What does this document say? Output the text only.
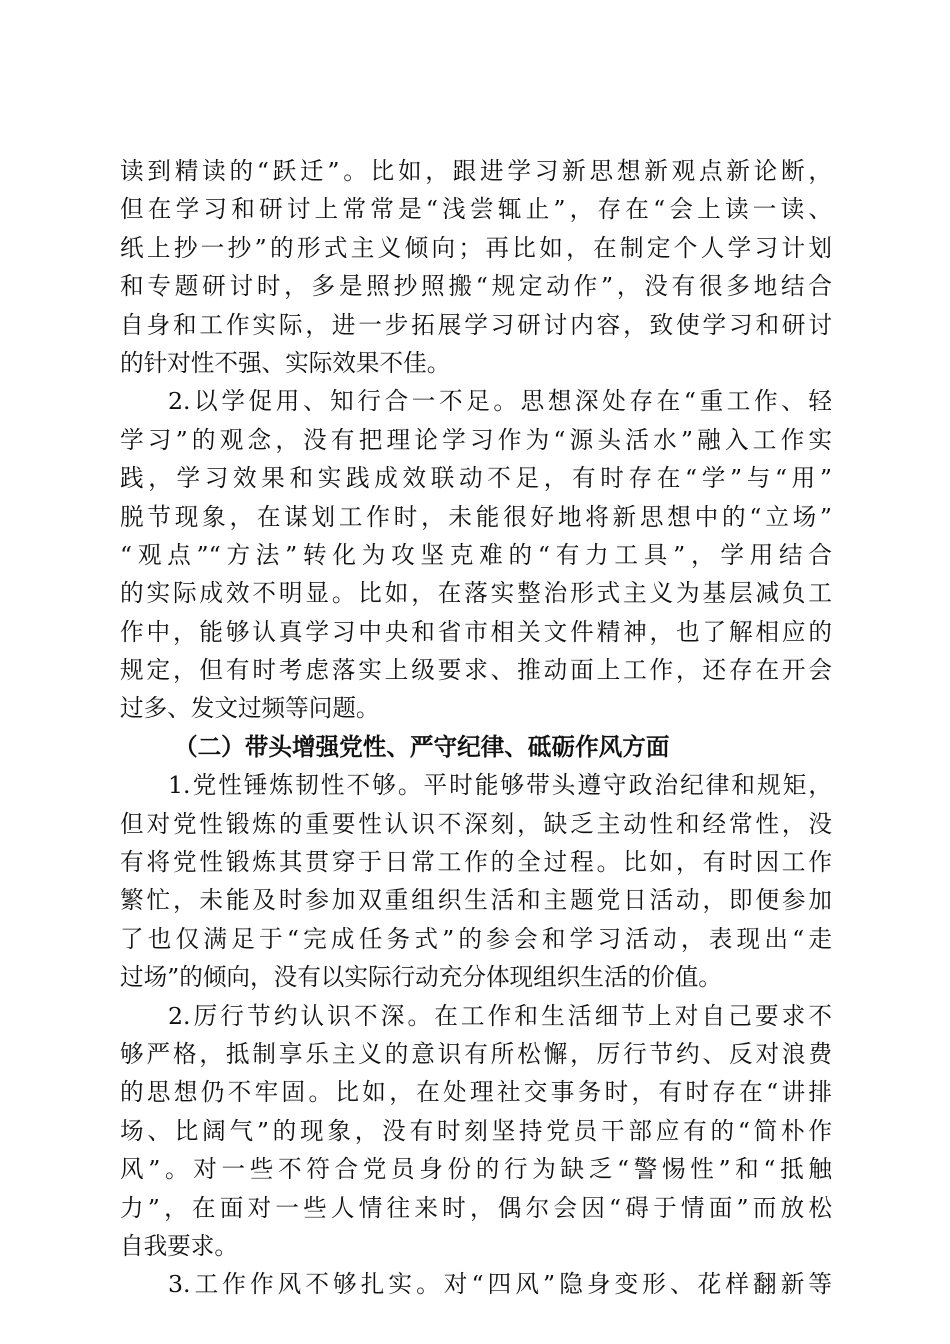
读到精读的“跃迁”。比如，跟进学习新思想新观点新论断，
但在学习和研讨上常常是“浅尝辄止”，存在“会上读一读、
纸上抄一抄”的形式主义倾向；再比如，在制定个人学习计划
和专题研讨时，多是照抄照搬“规定动作”，没有很多地结合
自身和工作实际，进一步拓展学习研讨内容，致使学习和研讨
的针对性不强、实际效果不佳。
2.以学促用、知行合一不足。思想深处存在“重工作、轻
学习”的观念，没有把理论学习作为“源头活水”融入工作实
践，学习效果和实践成效联动不足，有时存在“学”与“用”
脱节现象，在谋划工作时，未能很好地将新思想中的“立场”
“观点”“方法”转化为攻坚克难的“有力工具”，学用结合
的实际成效不明显。比如，在落实整治形式主义为基层减负工
作中，能够认真学习中央和省市相关文件精神，也了解相应的
规定，但有时考虑落实上级要求、推动面上工作，还存在开会
过多、发文过频等问题。
（二）带头增强党性、严守纪律、砥砺作风方面
1.党性锤炼韧性不够。平时能够带头遵守政治纪律和规矩，
但对党性锻炼的重要性认识不深刻，缺乏主动性和经常性，没
有将党性锻炼其贯穿于日常工作的全过程。比如，有时因工作
繁忙，未能及时参加双重组织生活和主题党日活动，即便参加
了也仅满足于“完成任务式”的参会和学习活动，表现出“走
过场”的倾向，没有以实际行动充分体现组织生活的价值。
2.厉行节约认识不深。在工作和生活细节上对自己要求不
够严格，抵制享乐主义的意识有所松懈，厉行节约、反对浪费
的思想仍不牢固。比如，在处理社交事务时，有时存在“讲排
场、比阔气”的现象，没有时刻坚持党员干部应有的“简朴作
风”。对一些不符合党员身份的行为缺乏“警惕性”和“抵触
力”，在面对一些人情往来时，偶尔会因“碍于情面”而放松
自我要求。
3.工作作风不够扎实。对“四风”隐身变形、花样翻新等
